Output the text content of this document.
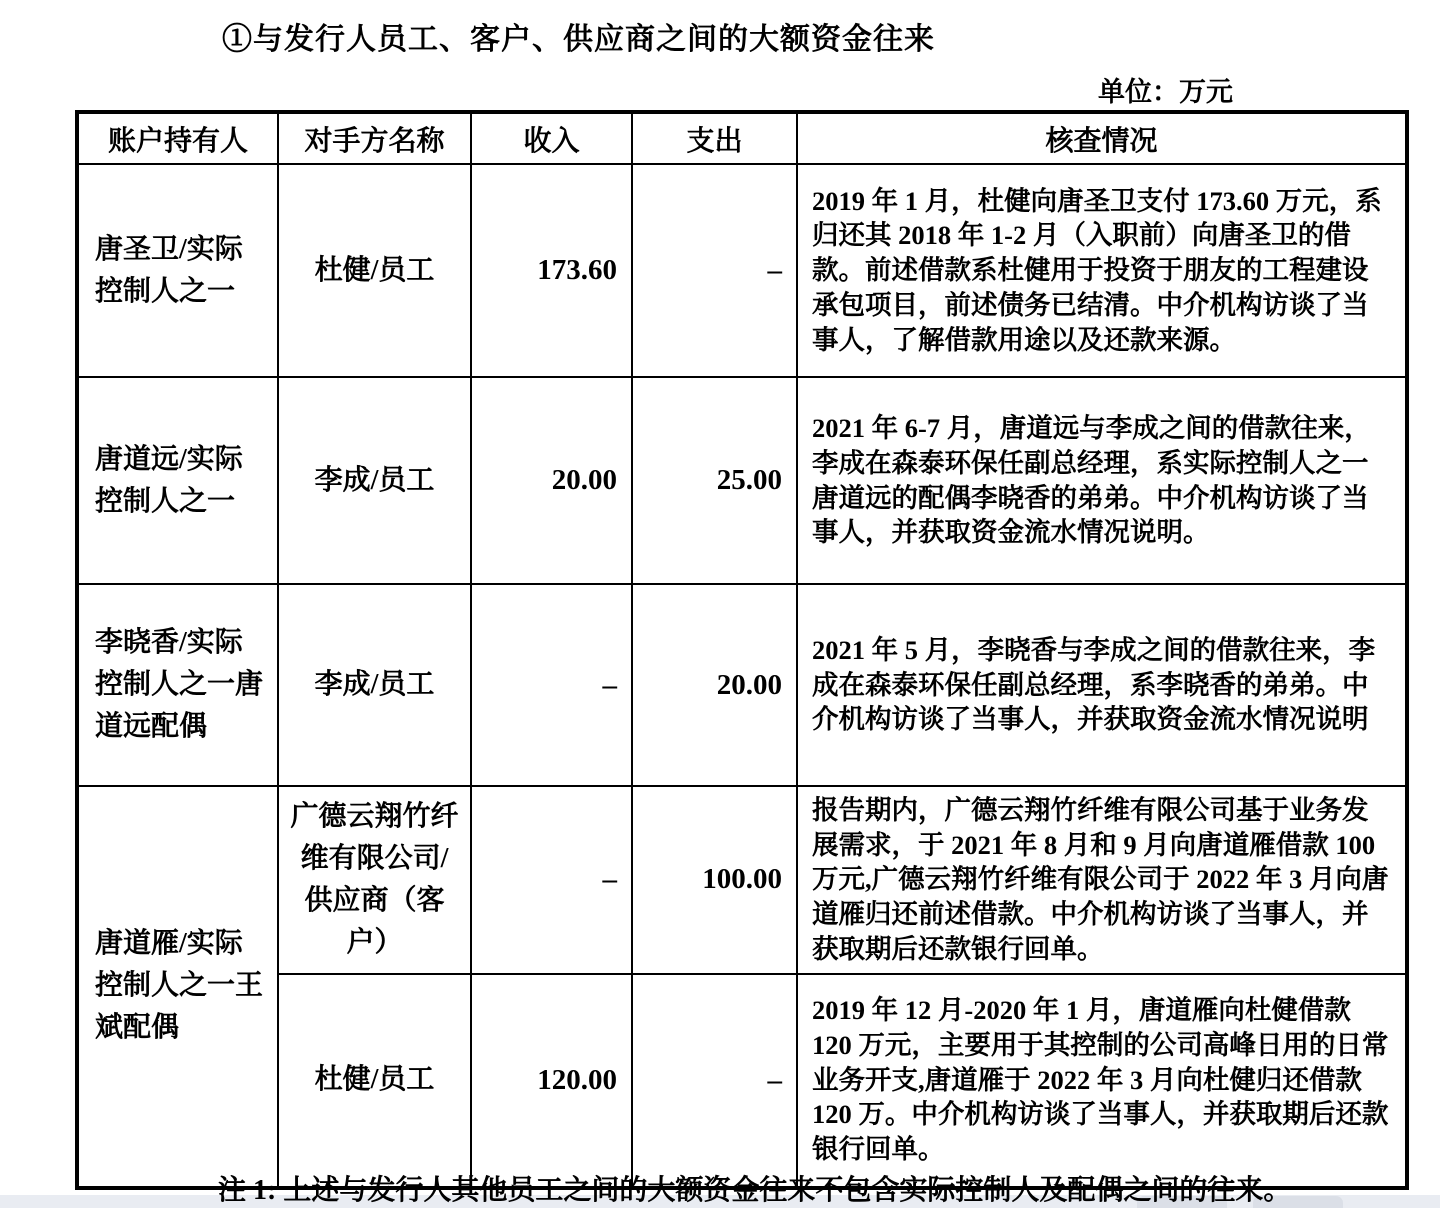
①与发行人员工、客户、供应商之间的大额资金往来
单位：万元
账户持有人	对手方名称	收入	支出	核查情况
唐圣卫/实际控制人之一	杜健/员工	173.60	–	2019 年 1 月，杜健向唐圣卫支付 173.60 万元，系归还其 2018 年 1-2 月（入职前）向唐圣卫的借款。前述借款系杜健用于投资于朋友的工程建设承包项目，前述债务已结清。中介机构访谈了当事人，了解借款用途以及还款来源。
唐道远/实际控制人之一	李成/员工	20.00	25.00	2021 年 6-7 月，唐道远与李成之间的借款往来，李成在森泰环保任副总经理，系实际控制人之一唐道远的配偶李晓香的弟弟。中介机构访谈了当事人，并获取资金流水情况说明。
李晓香/实际控制人之一唐道远配偶	李成/员工	–	20.00	2021 年 5 月，李晓香与李成之间的借款往来，李成在森泰环保任副总经理，系李晓香的弟弟。中介机构访谈了当事人，并获取资金流水情况说明
唐道雁/实际控制人之一王斌配偶	广德云翔竹纤维有限公司/供应商（客户）	–	100.00	报告期内，广德云翔竹纤维有限公司基于业务发展需求，于 2021 年 8 月和 9 月向唐道雁借款 100 万元,广德云翔竹纤维有限公司于 2022 年 3 月向唐道雁归还前述借款。中介机构访谈了当事人，并获取期后还款银行回单。
	杜健/员工	120.00	–	2019 年 12 月-2020 年 1 月，唐道雁向杜健借款 120 万元，主要用于其控制的公司高峰日用的日常业务开支,唐道雁于 2022 年 3 月向杜健归还借款 120 万。中介机构访谈了当事人，并获取期后还款银行回单。
注 1: 上述与发行人其他员工之间的大额资金往来不包含实际控制人及配偶之间的往来。
